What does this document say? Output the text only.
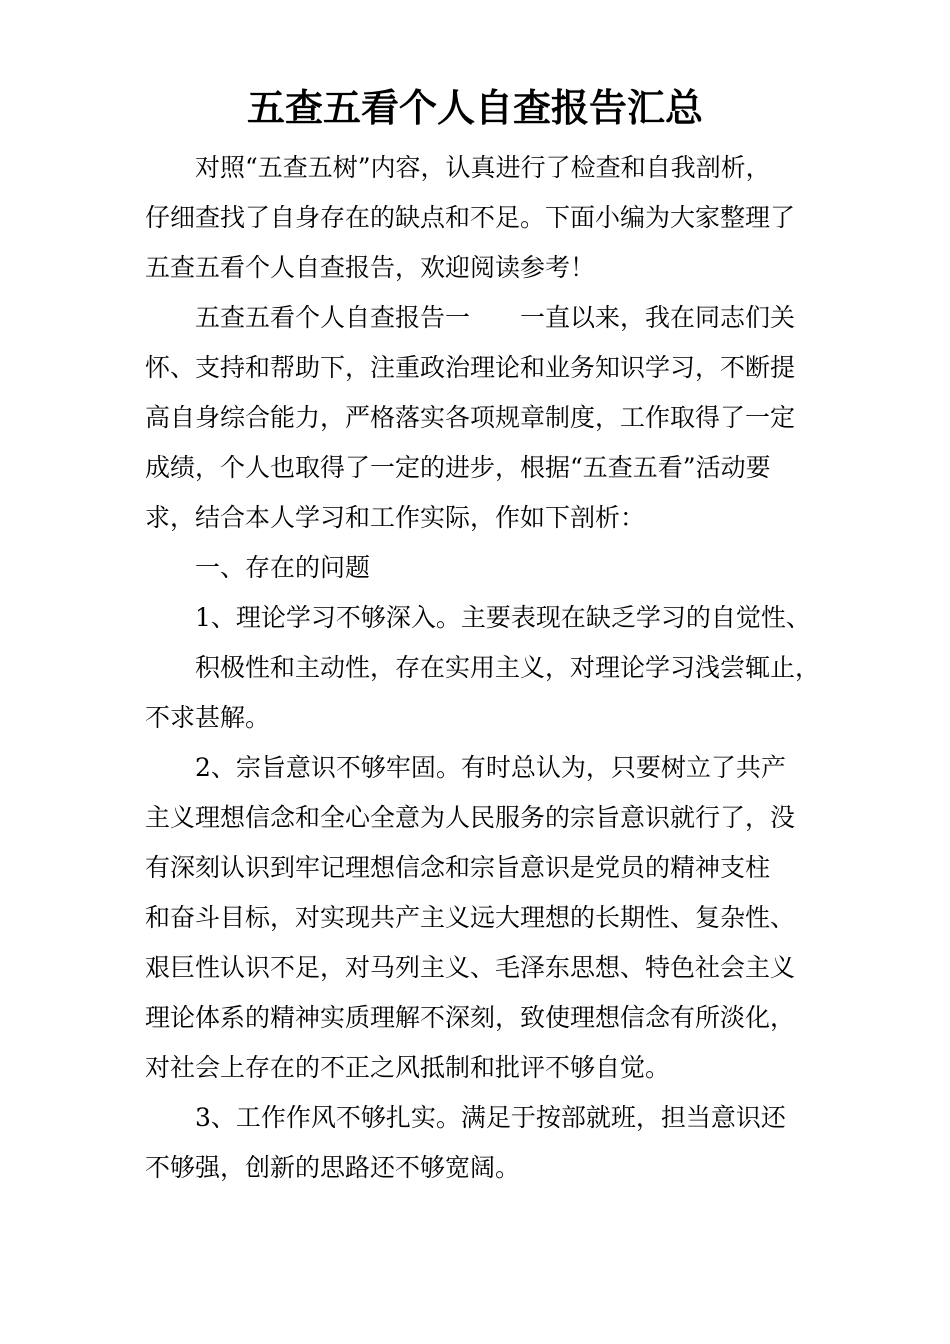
五查五看个人自查报告汇总
对照“五查五树”内容，认真进行了检查和自我剖析，
仔细查找了自身存在的缺点和不足。下面小编为大家整理了
五查五看个人自查报告，欢迎阅读参考！
五查五看个人自查报告一　　一直以来，我在同志们关
怀、支持和帮助下，注重政治理论和业务知识学习，不断提
高自身综合能力，严格落实各项规章制度，工作取得了一定
成绩，个人也取得了一定的进步，根据“五查五看”活动要
求，结合本人学习和工作实际，作如下剖析：
一、存在的问题
1、理论学习不够深入。主要表现在缺乏学习的自觉性、
积极性和主动性，存在实用主义，对理论学习浅尝辄止，
不求甚解。
2、宗旨意识不够牢固。有时总认为，只要树立了共产
主义理想信念和全心全意为人民服务的宗旨意识就行了，没
有深刻认识到牢记理想信念和宗旨意识是党员的精神支柱
和奋斗目标，对实现共产主义远大理想的长期性、复杂性、
艰巨性认识不足，对马列主义、毛泽东思想、特色社会主义
理论体系的精神实质理解不深刻，致使理想信念有所淡化，
对社会上存在的不正之风抵制和批评不够自觉。
3、工作作风不够扎实。满足于按部就班，担当意识还
不够强，创新的思路还不够宽阔。
